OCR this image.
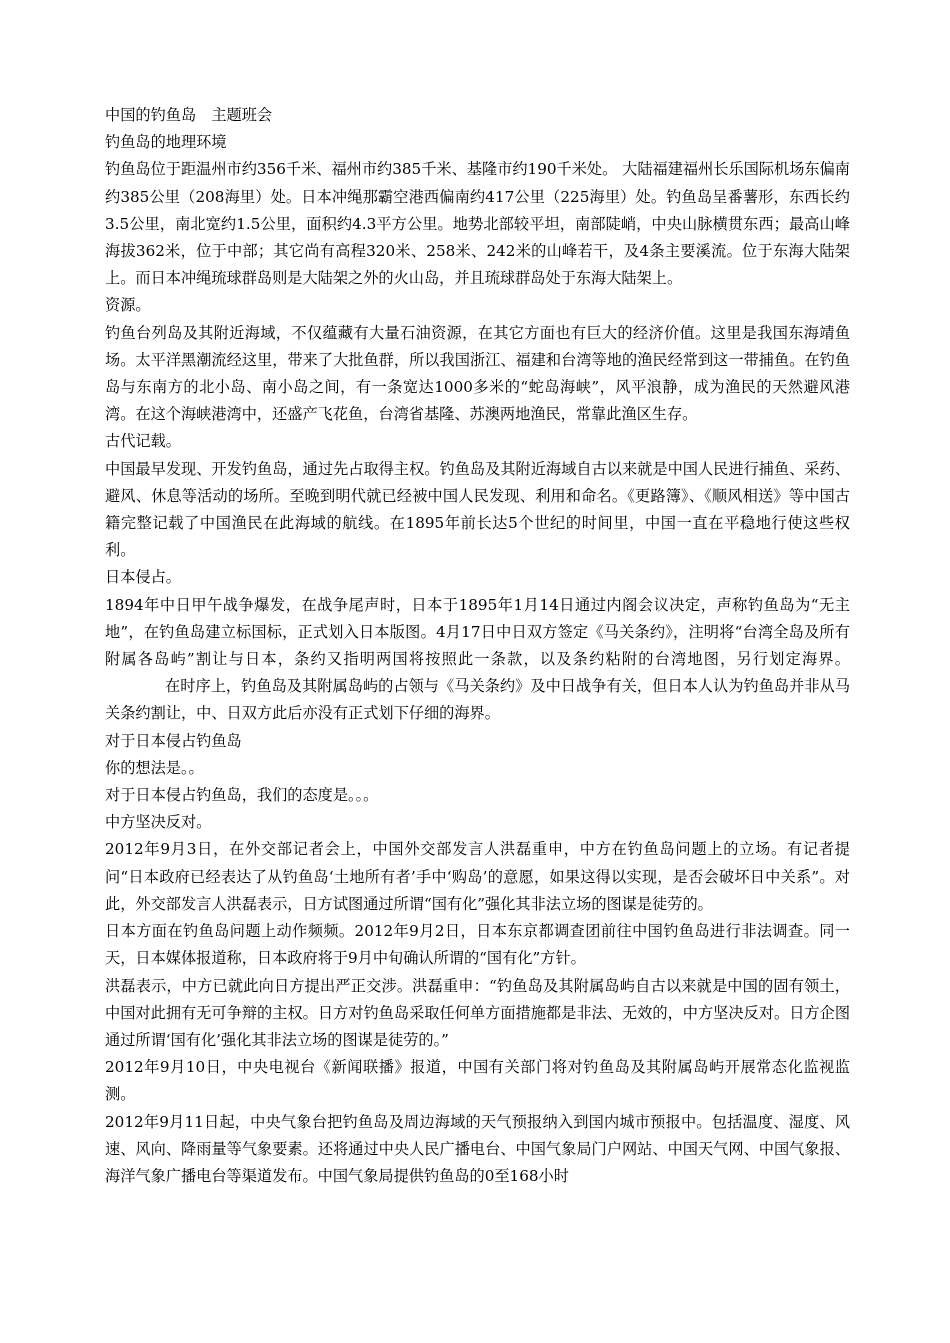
中国的钓鱼岛　主题班会

钓鱼岛的地理环境

钓鱼岛位于距温州市约356千米、福州市约385千米、基隆市约190千米处。 大陆福建福州长乐国际机场东偏南约385公里（208海里）处。日本冲绳那霸空港西偏南约417公里（225海里）处。钓鱼岛呈番薯形，东西长约3.5公里，南北宽约1.5公里，面积约4.3平方公里。地势北部较平坦，南部陡峭，中央山脉横贯东西；最高山峰海拔362米，位于中部；其它尚有高程320米、258米、242米的山峰若干，及4条主要溪流。位于东海大陆架上。而日本冲绳琉球群岛则是大陆架之外的火山岛，并且琉球群岛处于东海大陆架上。

资源。

钓鱼台列岛及其附近海域，不仅蕴藏有大量石油资源，在其它方面也有巨大的经济价值。这里是我国东海靖鱼场。太平洋黑潮流经这里，带来了大批鱼群，所以我国浙江、福建和台湾等地的渔民经常到这一带捕鱼。在钓鱼岛与东南方的北小岛、南小岛之间，有一条宽达1000多米的“蛇岛海峡”，风平浪静，成为渔民的天然避风港湾。在这个海峡港湾中，还盛产飞花鱼，台湾省基隆、苏澳两地渔民，常靠此渔区生存。

古代记载。

中国最早发现、开发钓鱼岛，通过先占取得主权。钓鱼岛及其附近海域自古以来就是中国人民进行捕鱼、采药、避风、休息等活动的场所。至晚到明代就已经被中国人民发现、利用和命名。《更路簿》、《顺风相送》等中国古籍完整记载了中国渔民在此海域的航线。在1895年前长达5个世纪的时间里，中国一直在平稳地行使这些权利。

日本侵占。

1894年中日甲午战争爆发，在战争尾声时，日本于1895年1月14日通过内阁会议决定，声称钓鱼岛为“无主地”，在钓鱼岛建立标国标，正式划入日本版图。4月17日中日双方签定《马关条约》，注明将“台湾全岛及所有附属各岛屿”割让与日本，条约又指明两国将按照此一条款，以及条约粘附的台湾地图，另行划定海界。在时序上，钓鱼岛及其附属岛屿的占领与《马关条约》及中日战争有关，但日本人认为钓鱼岛并非从马关条约割让，中、日双方此后亦没有正式划下仔细的海界。

对于日本侵占钓鱼岛

你的想法是。。

对于日本侵占钓鱼岛，我们的态度是。。。

中方坚决反对。

2012年9月3日，在外交部记者会上，中国外交部发言人洪磊重申，中方在钓鱼岛问题上的立场。有记者提问“日本政府已经表达了从钓鱼岛‘土地所有者’手中‘购岛’的意愿，如果这得以实现，是否会破坏日中关系”。对此，外交部发言人洪磊表示，日方试图通过所谓“国有化”强化其非法立场的图谋是徒劳的。

日本方面在钓鱼岛问题上动作频频。2012年9月2日，日本东京都调查团前往中国钓鱼岛进行非法调查。同一天，日本媒体报道称，日本政府将于9月中旬确认所谓的“国有化”方针。

洪磊表示，中方已就此向日方提出严正交涉。洪磊重申：“钓鱼岛及其附属岛屿自古以来就是中国的固有领土，中国对此拥有无可争辩的主权。日方对钓鱼岛采取任何单方面措施都是非法、无效的，中方坚决反对。日方企图通过所谓‘国有化’强化其非法立场的图谋是徒劳的。”

2012年9月10日，中央电视台《新闻联播》报道，中国有关部门将对钓鱼岛及其附属岛屿开展常态化监视监测。

2012年9月11日起，中央气象台把钓鱼岛及周边海域的天气预报纳入到国内城市预报中。包括温度、湿度、风速、风向、降雨量等气象要素。还将通过中央人民广播电台、中国气象局门户网站、中国天气网、中国气象报、海洋气象广播电台等渠道发布。中国气象局提供钓鱼岛的0至168小时
